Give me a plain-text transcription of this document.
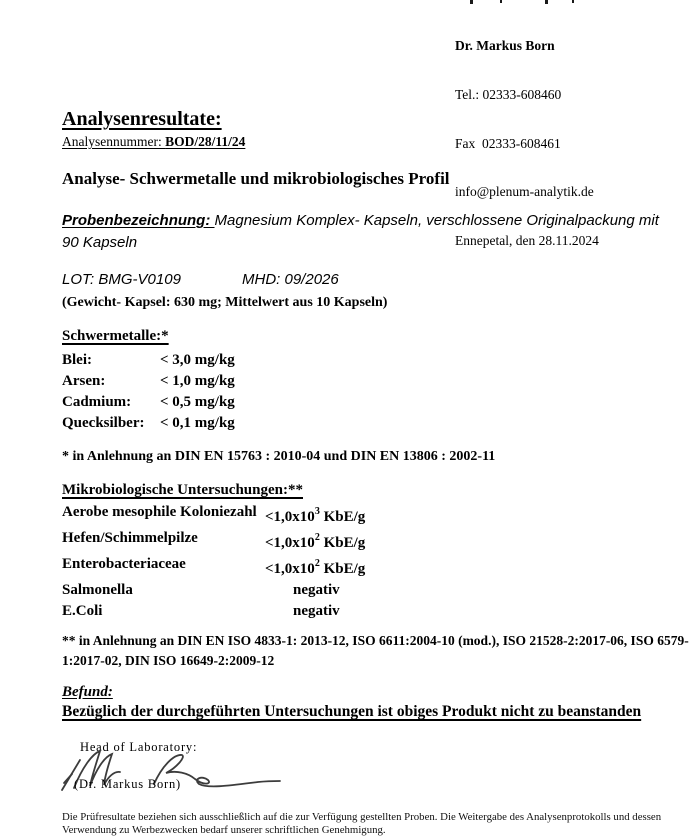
Dr. Markus Born

Tel.: 02333-608460

Fax  02333-608461

info@plenum-analytik.de

Ennepetal, den 28.11.2024

Analysenresultate:
Analysennummer: BOD/28/11/24
Analyse- Schwermetalle und mikrobiologisches Profil
Probenbezeichnung: Magnesium Komplex- Kapseln, verschlossene Originalpackung mit 90 Kapseln
LOT: BMG-V0109	MHD: 09/2026
(Gewicht- Kapsel: 630 mg; Mittelwert aus 10 Kapseln)
Schwermetalle:*
Blei:	< 3,0 mg/kg
Arsen:	< 1,0 mg/kg
Cadmium:	< 0,5 mg/kg
Quecksilber:	< 0,1 mg/kg
* in Anlehnung an DIN EN 15763 : 2010-04 und DIN EN 13806 : 2002-11
Mikrobiologische Untersuchungen:**
Aerobe mesophile Koloniezahl $<1,0x10^3$ KbE/g
Hefen/Schimmelpilze	$<1,0x10^2$ KbE/g
Enterobacteriaceae	$<1,0x10^2$ KbE/g
Salmonella	negativ
E.Coli	negativ
** in Anlehnung an DIN EN ISO 4833-1: 2013-12, ISO 6611:2004-10 (mod.), ISO 21528-2:2017-06, ISO 6579-1:2017-02, DIN ISO 16649-2:2009-12
Befund:
Bezüglich der durchgeführten Untersuchungen ist obiges Produkt nicht zu beanstanden
Head of Laboratory:
(Dr. Markus Born)
Die Prüfresultate beziehen sich ausschließlich auf die zur Verfügung gestellten Proben. Die Weitergabe des Analysenprotokolls und dessen Verwendung zu Werbezwecken bedarf unserer schriftlichen Genehmigung.
